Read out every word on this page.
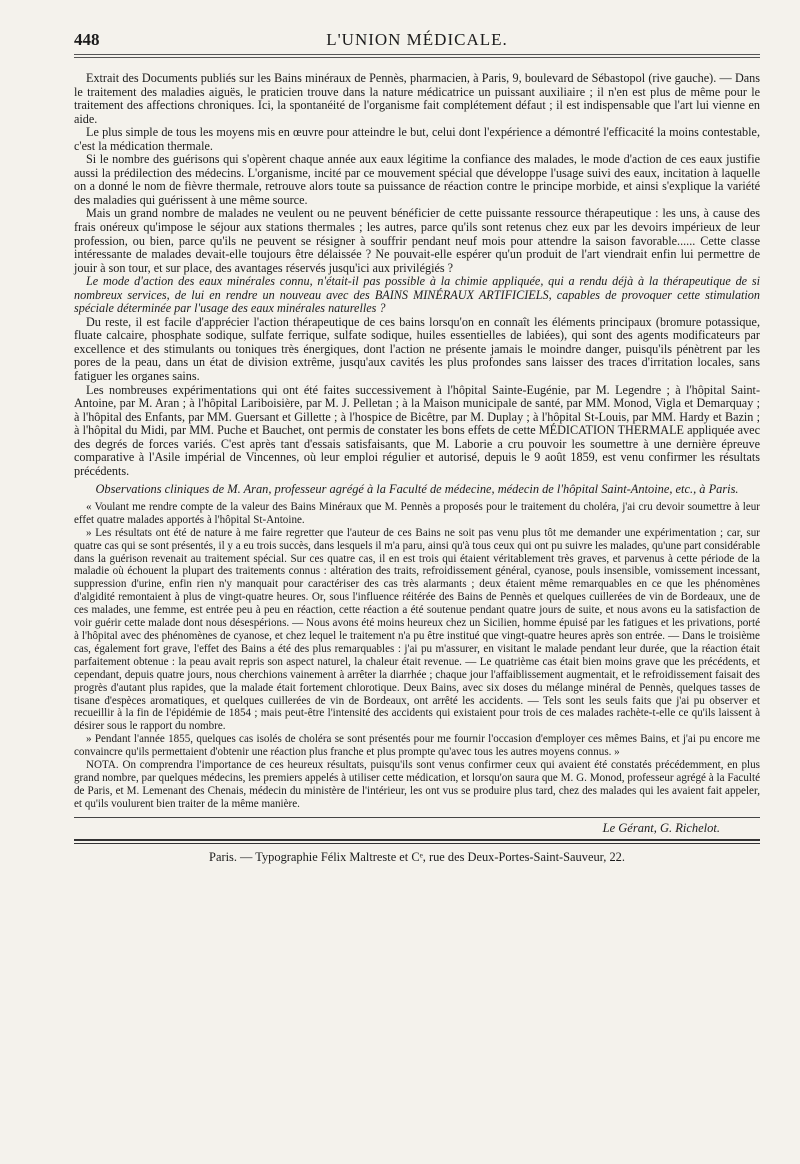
448	L'UNION MÉDICALE.

Extrait des Documents publiés sur les Bains minéraux de Pennès, pharmacien, à Paris, 9, boulevard de Sébastopol (rive gauche). — Dans le traitement des maladies aiguës, le praticien trouve dans la nature médicatrice un puissant auxiliaire ; il n'en est plus de même pour le traitement des affections chroniques. Ici, la spontanéité de l'organisme fait complétement défaut ; il est indispensable que l'art lui vienne en aide.

Le plus simple de tous les moyens mis en œuvre pour atteindre le but, celui dont l'expérience a démontré l'efficacité la moins contestable, c'est la médication thermale.

Si le nombre des guérisons qui s'opèrent chaque année aux eaux légitime la confiance des malades, le mode d'action de ces eaux justifie aussi la prédilection des médecins. L'organisme, incité par ce mouvement spécial que développe l'usage suivi des eaux, incitation à laquelle on a donné le nom de fièvre thermale, retrouve alors toute sa puissance de réaction contre le principe morbide, et ainsi s'explique la variété des maladies qui guérissent à une même source.

Mais un grand nombre de malades ne veulent ou ne peuvent bénéficier de cette puissante ressource thérapeutique : les uns, à cause des frais onéreux qu'impose le séjour aux stations thermales ; les autres, parce qu'ils sont retenus chez eux par les devoirs impérieux de leur profession, ou bien, parce qu'ils ne peuvent se résigner à souffrir pendant neuf mois pour attendre la saison favorable...... Cette classe intéressante de malades devait-elle toujours être délaissée ? Ne pouvait-elle espérer qu'un produit de l'art viendrait enfin lui permettre de jouir à son tour, et sur place, des avantages réservés jusqu'ici aux privilégiés ?

Le mode d'action des eaux minérales connu, n'était-il pas possible à la chimie appliquée, qui a rendu déjà à la thérapeutique de si nombreux services, de lui en rendre un nouveau avec des BAINS MINÉRAUX ARTIFICIELS, capables de provoquer cette stimulation spéciale déterminée par l'usage des eaux minérales naturelles ?

Du reste, il est facile d'apprécier l'action thérapeutique de ces bains lorsqu'on en connaît les éléments principaux (bromure potassique, fluate calcaire, phosphate sodique, sulfate ferrique, sulfate sodique, huiles essentielles de labiées), qui sont des agents modificateurs par excellence et des stimulants ou toniques très énergiques, dont l'action ne présente jamais le moindre danger, puisqu'ils pénètrent par les pores de la peau, dans un état de division extrême, jusqu'aux cavités les plus profondes sans laisser des traces d'irritation locales, sans fatiguer les organes sains.

Les nombreuses expérimentations qui ont été faites successivement à l'hôpital Sainte-Eugénie, par M. Legendre ; à l'hôpital Saint-Antoine, par M. Aran ; à l'hôpital Lariboisière, par M. J. Pelletan ; à la Maison municipale de santé, par MM. Monod, Vigla et Demarquay ; à l'hôpital des Enfants, par MM. Guersant et Gillette ; à l'hospice de Bicêtre, par M. Duplay ; à l'hôpital St-Louis, par MM. Hardy et Bazin ; à l'hôpital du Midi, par MM. Puche et Bauchet, ont permis de constater les bons effets de cette MÉDICATION THERMALE appliquée avec des degrés de forces variés. C'est après tant d'essais satisfaisants, que M. Laborie a cru pouvoir les soumettre à une dernière épreuve comparative à l'Asile impérial de Vincennes, où leur emploi régulier et autorisé, depuis le 9 août 1859, est venu confirmer les résultats précédents.

Observations cliniques de M. Aran, professeur agrégé à la Faculté de médecine, médecin de l'hôpital Saint-Antoine, etc., à Paris.

« Voulant me rendre compte de la valeur des Bains Minéraux que M. Pennès a proposés pour le traitement du choléra, j'ai cru devoir soumettre à leur effet quatre malades apportés à l'hôpital St-Antoine.

» Les résultats ont été de nature à me faire regretter que l'auteur de ces Bains ne soit pas venu plus tôt me demander une expérimentation ; car, sur quatre cas qui se sont présentés, il y a eu trois succès, dans lesquels il m'a paru, ainsi qu'à tous ceux qui ont pu suivre les malades, qu'une part considérable dans la guérison revenait au traitement spécial. Sur ces quatre cas, il en est trois qui étaient véritablement très graves, et parvenus à cette période de la maladie où échouent la plupart des traitements connus : altération des traits, refroidissement général, cyanose, pouls insensible, vomissement incessant, suppression d'urine, enfin rien n'y manquait pour caractériser des cas très alarmants ; deux étaient même remarquables en ce que les phénomènes d'algidité remontaient à plus de vingt-quatre heures. Or, sous l'influence réitérée des Bains de Pennès et quelques cuillerées de vin de Bordeaux, une de ces malades, une femme, est entrée peu à peu en réaction, cette réaction a été soutenue pendant quatre jours de suite, et nous avons eu la satisfaction de voir guérir cette malade dont nous désespérions. — Nous avons été moins heureux chez un Sicilien, homme épuisé par les fatigues et les privations, porté à l'hôpital avec des phénomènes de cyanose, et chez lequel le traitement n'a pu être institué que vingt-quatre heures après son entrée. — Dans le troisième cas, également fort grave, l'effet des Bains a été des plus remarquables : j'ai pu m'assurer, en visitant le malade pendant leur durée, que la réaction était parfaitement obtenue : la peau avait repris son aspect naturel, la chaleur était revenue. — Le quatrième cas était bien moins grave que les précédents, et cependant, depuis quatre jours, nous cherchions vainement à arrêter la diarrhée ; chaque jour l'affaiblissement augmentait, et le refroidissement faisait des progrès d'autant plus rapides, que la malade était fortement chlorotique. Deux Bains, avec six doses du mélange minéral de Pennès, quelques tasses de tisane d'espèces aromatiques, et quelques cuillerées de vin de Bordeaux, ont arrêté les accidents. — Tels sont les seuls faits que j'ai pu observer et recueillir à la fin de l'épidémie de 1854 ; mais peut-être l'intensité des accidents qui existaient pour trois de ces malades rachète-t-elle ce qu'ils laissent à désirer sous le rapport du nombre.

» Pendant l'année 1855, quelques cas isolés de choléra se sont présentés pour me fournir l'occasion d'employer ces mêmes Bains, et j'ai pu encore me convaincre qu'ils permettaient d'obtenir une réaction plus franche et plus prompte qu'avec tous les autres moyens connus. »

NOTA. On comprendra l'importance de ces heureux résultats, puisqu'ils sont venus confirmer ceux qui avaient été constatés précédemment, en plus grand nombre, par quelques médecins, les premiers appelés à utiliser cette médication, et lorsqu'on saura que M. G. Monod, professeur agrégé à la Faculté de Paris, et M. Lemenant des Chenais, médecin du ministère de l'intérieur, les ont vus se produire plus tard, chez des malades qui les avaient fait appeler, et qu'ils voulurent bien traiter de la même manière.

Le Gérant, G. Richelot.
Paris. — Typographie Félix Maltreste et Cᵉ, rue des Deux-Portes-Saint-Sauveur, 22.
